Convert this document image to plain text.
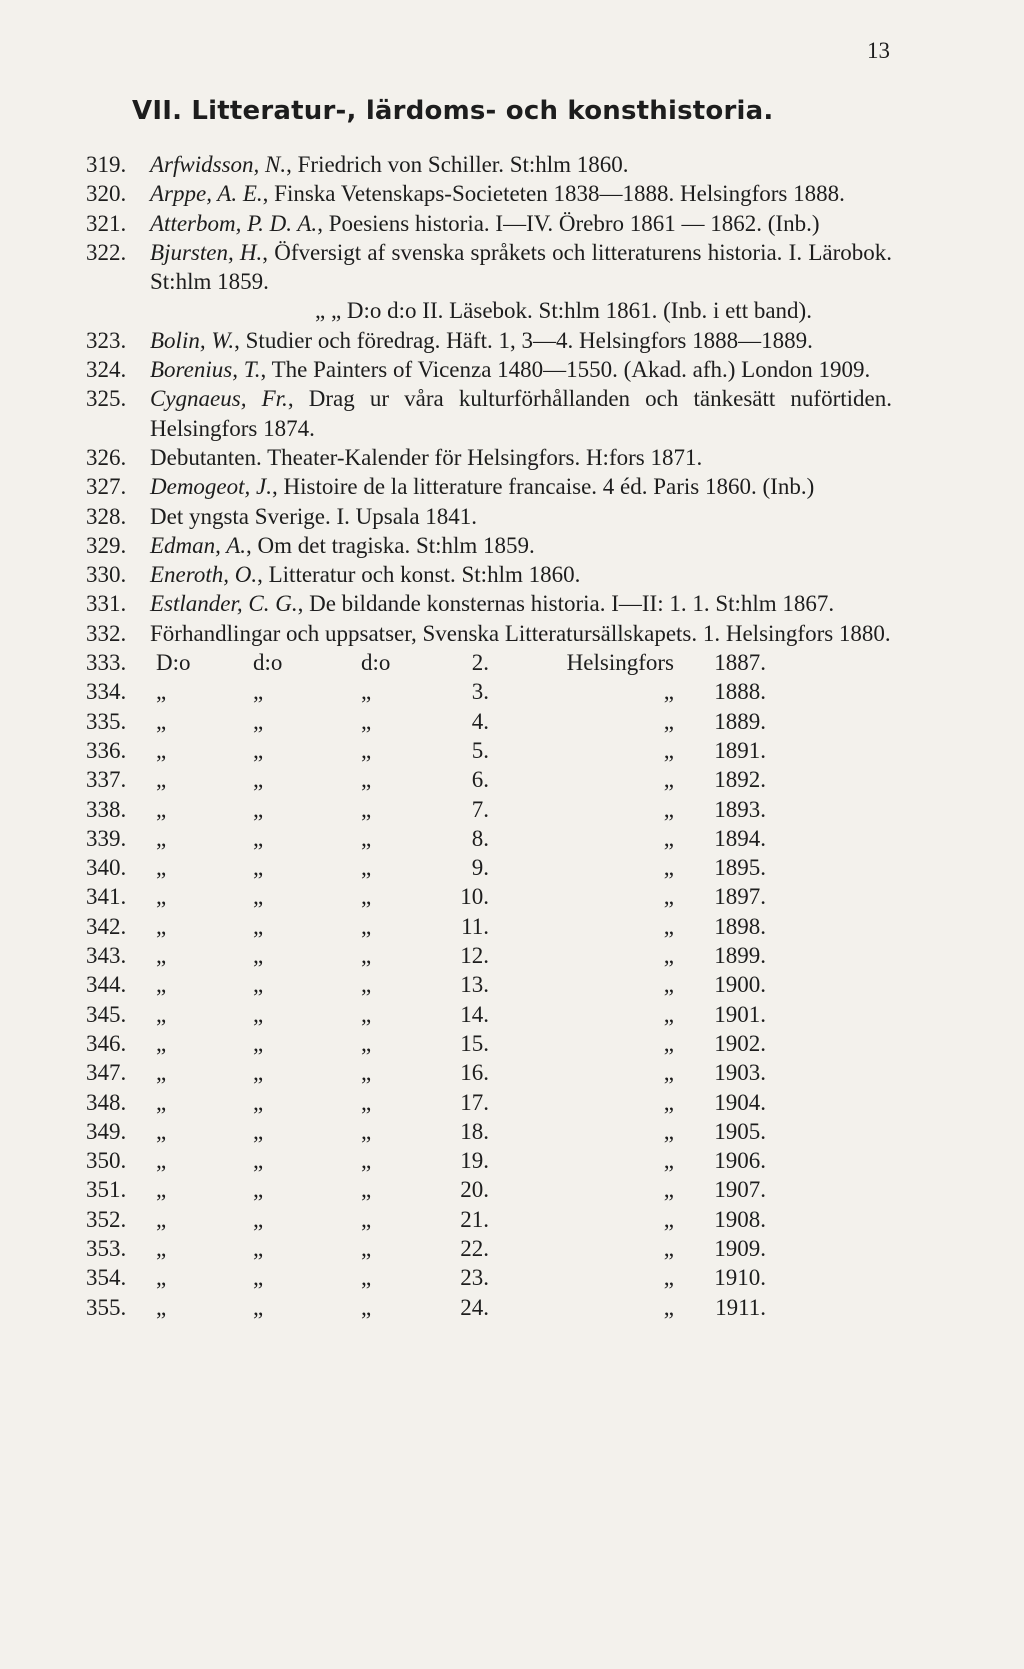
13
VII. Litteratur-, lärdoms- och konsthistoria.
319.	Arfwidsson, N., Friedrich von Schiller. St:hlm 1860.
320.	Arppe, A. E., Finska Vetenskaps-Societeten 1838—1888. Helsingfors 1888.
321.	Atterbom, P. D. A., Poesiens historia. I—IV. Örebro 1861 — 1862. (Inb.)
322.	Bjursten, H., Öfversigt af svenska språkets och litteraturens historia. I. Lärobok. St:hlm 1859.
„ „ D:o d:o II. Läsebok. St:hlm 1861. (Inb. i ett band).
323.	Bolin, W., Studier och föredrag. Häft. 1, 3—4. Helsingfors 1888—1889.
324.	Borenius, T., The Painters of Vicenza 1480—1550. (Akad. afh.) London 1909.
325.	Cygnaeus, Fr., Drag ur våra kulturförhållanden och tänkesätt nuförtiden. Helsingfors 1874.
326.	Debutanten. Theater-Kalender för Helsingfors. H:fors 1871.
327.	Demogeot, J., Histoire de la litterature francaise. 4 éd. Paris 1860. (Inb.)
328.	Det yngsta Sverige. I. Upsala 1841.
329.	Edman, A., Om det tragiska. St:hlm 1859.
330.	Eneroth, O., Litteratur och konst. St:hlm 1860.
331.	Estlander, C. G., De bildande konsternas historia. I—II: 1. 1. St:hlm 1867.
332.	Förhandlingar och uppsatser, Svenska Litteratursällskapets. 1. Helsingfors 1880.
333.	D:o	d:o	d:o	2.	Helsingfors	1887.
334.	„	„	„	3.	„	1888.
335.	„	„	„	4.	„	1889.
336.	„	„	„	5.	„	1891.
337.	„	„	„	6.	„	1892.
338.	„	„	„	7.	„	1893.
339.	„	„	„	8.	„	1894.
340.	„	„	„	9.	„	1895.
341.	„	„	„	10.	„	1897.
342.	„	„	„	11.	„	1898.
343.	„	„	„	12.	„	1899.
344.	„	„	„	13.	„	1900.
345.	„	„	„	14.	„	1901.
346.	„	„	„	15.	„	1902.
347.	„	„	„	16.	„	1903.
348.	„	„	„	17.	„	1904.
349.	„	„	„	18.	„	1905.
350.	„	„	„	19.	„	1906.
351.	„	„	„	20.	„	1907.
352.	„	„	„	21.	„	1908.
353.	„	„	„	22.	„	1909.
354.	„	„	„	23.	„	1910.
355.	„	„	„	24.	„	1911.
